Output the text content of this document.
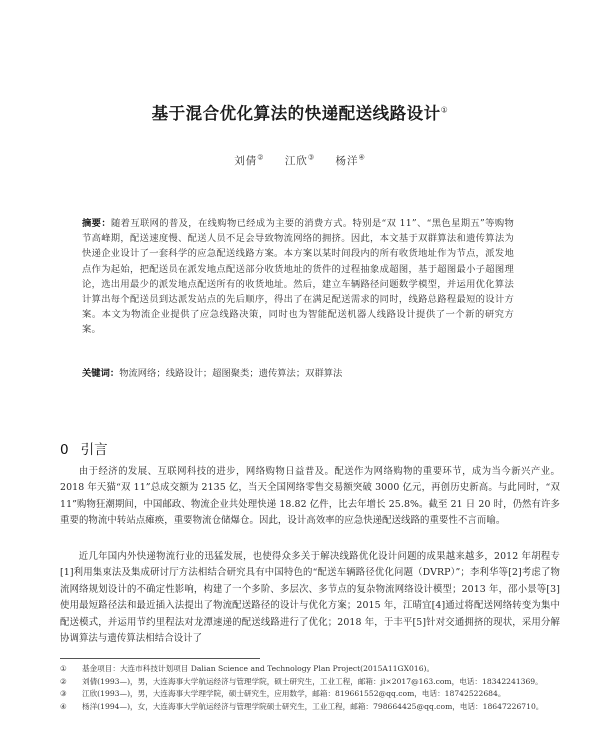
基于混合优化算法的快递配送线路设计①
刘倩② 江欣③ 杨洋④
摘要：随着互联网的普及，在线购物已经成为主要的消费方式。特别是“双 11”、“黑色星期五”等购物节高峰期，配送速度慢、配送人员不足会导致物流网络的拥挤。因此，本文基于双群算法和遗传算法为快递企业设计了一套科学的应急配送线路方案。本方案以某时间段内的所有收货地址作为节点，派发地点作为起始，把配送员在派发地点配送部分收货地址的货件的过程抽象成超图，基于超图最小子超图理论，选出用最少的派发地点配送所有的收货地址。然后，建立车辆路径问题数学模型，并运用优化算法计算出每个配送员到达派发站点的先后顺序，得出了在满足配送需求的同时，线路总路程最短的设计方案。本文为物流企业提供了应急线路决策，同时也为智能配送机器人线路设计提供了一个新的研究方案。
关键词：物流网络；线路设计；超图聚类；遗传算法；双群算法
0 引言
由于经济的发展、互联网科技的进步，网络购物日益普及。配送作为网络购物的重要环节，成为当今新兴产业。2018 年天猫“双 11”总成交额为 2135 亿，当天全国网络零售交易额突破 3000 亿元，再创历史新高。与此同时，“双 11”购物狂潮期间，中国邮政、物流企业共处理快递 18.82 亿件，比去年增长 25.8%。截至 21 日 20 时，仍然有许多重要的物流中转站点瘫痪，重要物流仓储爆仓。因此，设计高效率的应急快递配送线路的重要性不言而喻。
近几年国内外快递物流行业的迅猛发展，也使得众多关于解决线路优化设计问题的成果越来越多，2012 年胡程专[1]利用集束法及集成研讨厅方法相结合研究具有中国特色的“配送车辆路径优化问题（DVRP）”；李利华等[2]考虑了物流网络规划设计的不确定性影响，构建了一个多阶、多层次、多节点的复杂物流网络设计模型；2013 年，邵小景等[3]使用最短路径法和最近插入法提出了物流配送路径的设计与优化方案；2015 年，江晴宜[4]通过将配送网络转变为集中配送模式，并运用节约里程法对龙潭速递的配送线路进行了优化；2018 年，于丰平[5]针对交通拥挤的现状，采用分解协调算法与遗传算法相结合设计了
①	基金项目：大连市科技计划项目 Dalian Science and Technology Plan Project(2015A11GX016)。
②	刘倩(1993—)，男，大连海事大学航运经济与管理学院，硕士研究生，工业工程，邮箱：jl×2017@163.com，电话：18342241369。
③	江欣(1993—)，男，大连海事大学理学院，硕士研究生，应用数学，邮箱：819661552@qq.com，电话：18742522684。
④	杨洋(1994—)，女，大连海事大学航运经济与管理学院硕士研究生，工业工程，邮箱：798664425@qq.com，电话：18647226710。
